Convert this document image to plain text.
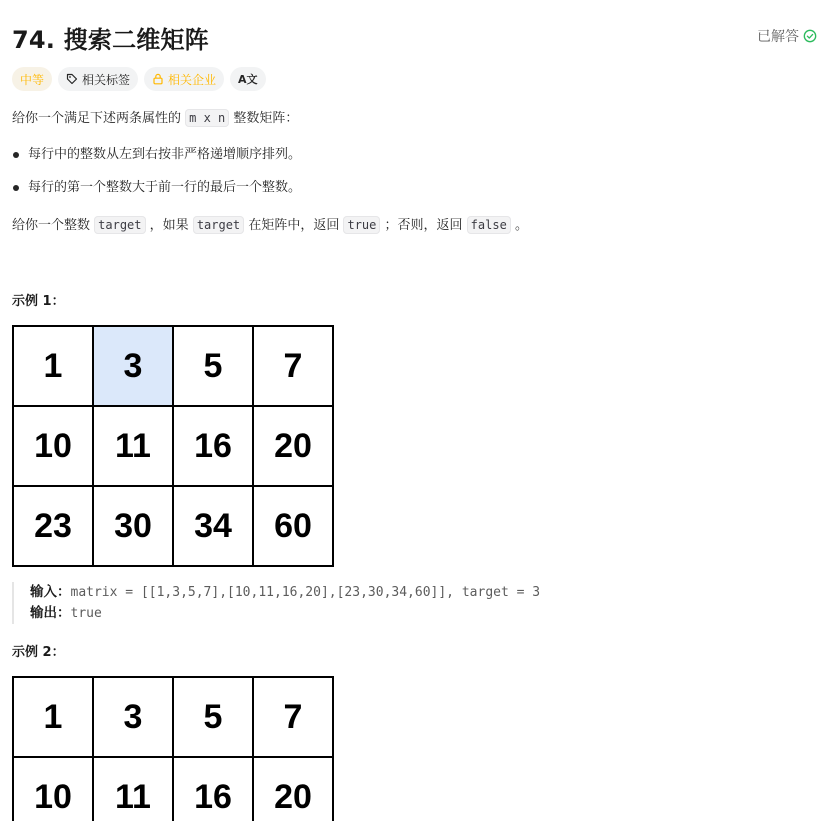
74. 搜索二维矩阵	已解答
中等	相关标签	相关企业 A文
给你一个满足下述两条属性的 m x n 整数矩阵：
每行中的整数从左到右按非严格递增顺序排列。
每行的第一个整数大于前一行的最后一个整数。
给你一个整数 target ，如果 target 在矩阵中，返回 true ；否则，返回 false 。
示例 1：
1	3	5	7
10	11	16	20
23	30	34	60
输入：matrix = [[1,3,5,7],[10,11,16,20],[23,30,34,60]], target = 3
输出：true
示例 2：
1	3	5	7
10	11	16	20
